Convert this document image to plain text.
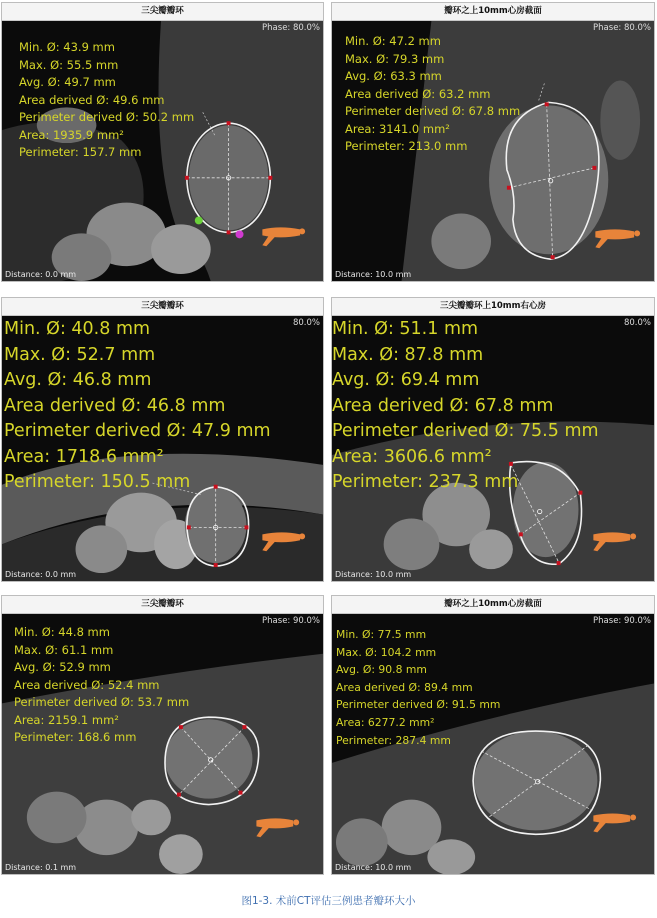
三尖瓣瓣环
Min. Ø: 43.9 mm
Max. Ø: 55.5 mm
Avg. Ø: 49.7 mm
Area derived Ø: 49.6 mm
Perimeter derived Ø: 50.2 mm
Area: 1935.9 mm²
Perimeter: 157.7 mm
Phase: 80.0%
Distance: 0.0 mm
瓣环之上10mm心房截面
Min. Ø: 47.2 mm
Max. Ø: 79.3 mm
Avg. Ø: 63.3 mm
Area derived Ø: 63.2 mm
Perimeter derived Ø: 67.8 mm
Area: 3141.0 mm²
Perimeter: 213.0 mm
Phase: 80.0%
Distance: 10.0 mm
三尖瓣瓣环
Min. Ø: 40.8 mm
Max. Ø: 52.7 mm
Avg. Ø: 46.8 mm
Area derived Ø: 46.8 mm
Perimeter derived Ø: 47.9 mm
Area: 1718.6 mm²
Perimeter: 150.5 mm
80.0%
Distance: 0.0 mm
三尖瓣瓣环上10mm右心房
Min. Ø: 51.1 mm
Max. Ø: 87.8 mm
Avg. Ø: 69.4 mm
Area derived Ø: 67.8 mm
Perimeter derived Ø: 75.5 mm
Area: 3606.6 mm²
Perimeter: 237.3 mm
80.0%
Distance: 10.0 mm
三尖瓣瓣环
Min. Ø: 44.8 mm
Max. Ø: 61.1 mm
Avg. Ø: 52.9 mm
Area derived Ø: 52.4 mm
Perimeter derived Ø: 53.7 mm
Area: 2159.1 mm²
Perimeter: 168.6 mm
Phase: 90.0%
Distance: 0.1 mm
瓣环之上10mm心房截面
Min. Ø: 77.5 mm
Max. Ø: 104.2 mm
Avg. Ø: 90.8 mm
Area derived Ø: 89.4 mm
Perimeter derived Ø: 91.5 mm
Area: 6277.2 mm²
Perimeter: 287.4 mm
Phase: 90.0%
Distance: 10.0 mm
图1-3. 术前CT评估三例患者瓣环大小
